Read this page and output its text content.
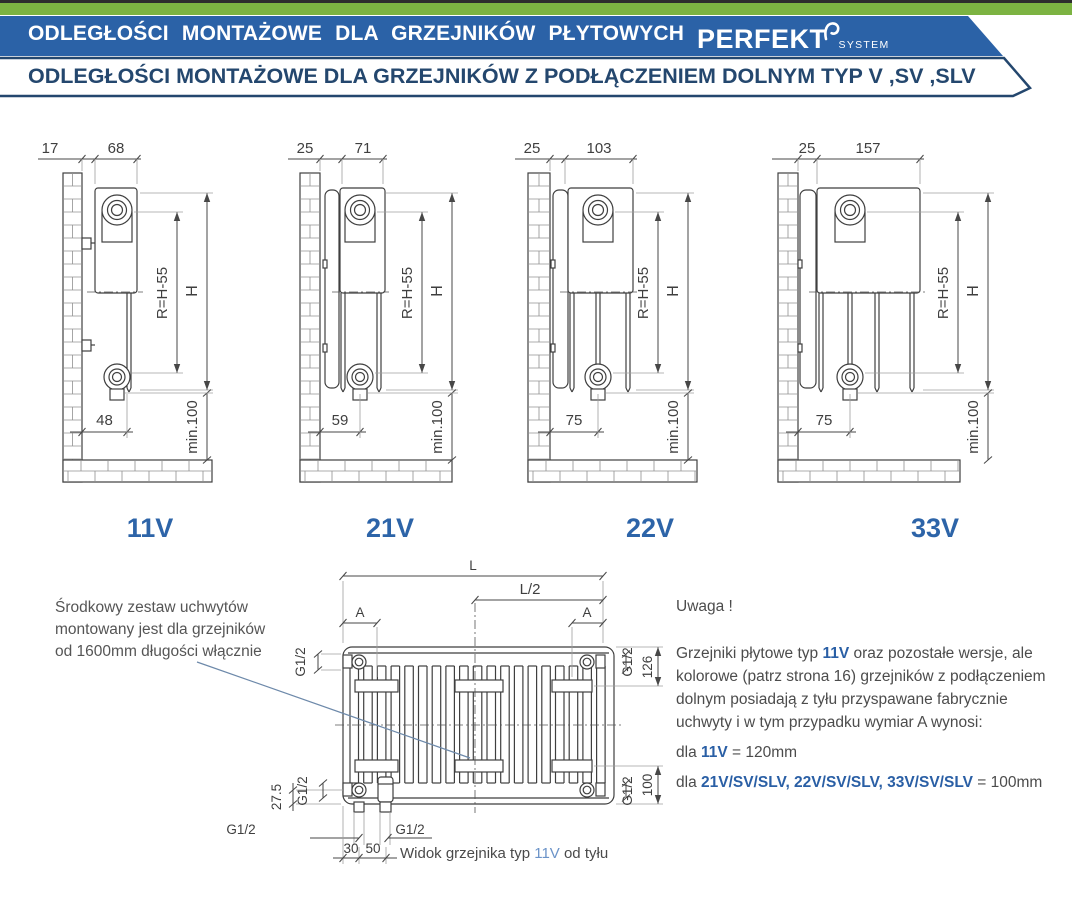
ODLEGŁOŚCI MONTAŻOWE DLA GRZEJNIKÓW PŁYTOWYCH PERFEKT SYSTEM
ODLEGŁOŚCI MONTAŻOWE DLA GRZEJNIKÓW Z PODŁĄCZENIEM DOLNYM TYP V ,SV ,SLV
17	68
H
R=H-55
min.100
48
11V
25	71
H
R=H-55
min.100
59
21V
25	103
H
R=H-55
min.100
75
22V
25	157
H
R=H-55
min.100
75
33V
L
L/2
A	A
G1/2	G1/2 126
100
G1/2
27.5 G1/2
G1/2	G1/2
30 50 Widok grzejnika typ 11V od tyłu
Środkowy zestaw uchwytów
montowany jest dla grzejników
od 1600mm długości włącznie
Uwaga !
Grzejniki płytowe typ 11V oraz pozostałe wersje, ale
kolorowe (patrz strona 16) grzejników z podłączeniem
dolnym posiadają z tyłu przyspawane fabrycznie
uchwyty i w tym przypadku wymiar A wynosi:
dla 11V = 120mm
dla 21V/SV/SLV, 22V/SV/SLV, 33V/SV/SLV = 100mm
